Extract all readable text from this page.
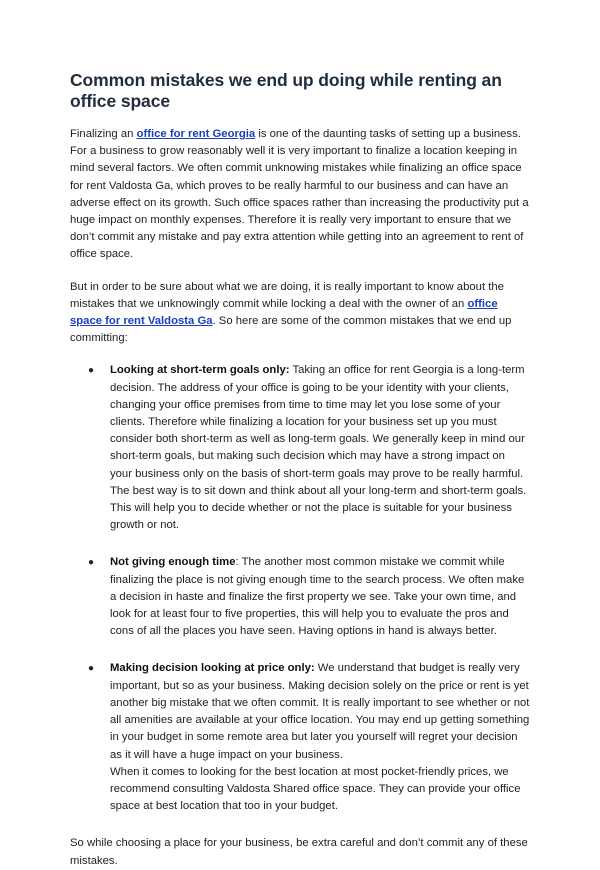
Common mistakes we end up doing while renting an office space

Finalizing an office for rent Georgia is one of the daunting tasks of setting up a business. For a business to grow reasonably well it is very important to finalize a location keeping in mind several factors. We often commit unknowing mistakes while finalizing an office space for rent Valdosta Ga, which proves to be really harmful to our business and can have an adverse effect on its growth. Such office spaces rather than increasing the productivity put a huge impact on monthly expenses. Therefore it is really very important to ensure that we don’t commit any mistake and pay extra attention while getting into an agreement to rent of office space.

But in order to be sure about what we are doing, it is really important to know about the mistakes that we unknowingly commit while locking a deal with the owner of an office space for rent Valdosta Ga. So here are some of the common mistakes that we end up committing:

● Looking at short-term goals only: Taking an office for rent Georgia is a long-term decision. The address of your office is going to be your identity with your clients, changing your office premises from time to time may let you lose some of your clients. Therefore while finalizing a location for your business set up you must consider both short-term as well as long-term goals. We generally keep in mind our short-term goals, but making such decision which may have a strong impact on your business only on the basis of short-term goals may prove to be really harmful. The best way is to sit down and think about all your long-term and short-term goals. This will help you to decide whether or not the place is suitable for your business growth or not.
● Not giving enough time: The another most common mistake we commit while finalizing the place is not giving enough time to the search process. We often make a decision in haste and finalize the first property we see. Take your own time, and look for at least four to five properties, this will help you to evaluate the pros and cons of all the places you have seen. Having options in hand is always better.
● Making decision looking at price only: We understand that budget is really very important, but so as your business. Making decision solely on the price or rent is yet another big mistake that we often commit. It is really important to see whether or not all amenities are available at your office location. You may end up getting something in your budget in some remote area but later you yourself will regret your decision as it will have a huge impact on your business.
When it comes to looking for the best location at most pocket-friendly prices, we recommend consulting Valdosta Shared office space. They can provide your office space at best location that too in your budget.

So while choosing a place for your business, be extra careful and don’t commit any of these mistakes.
